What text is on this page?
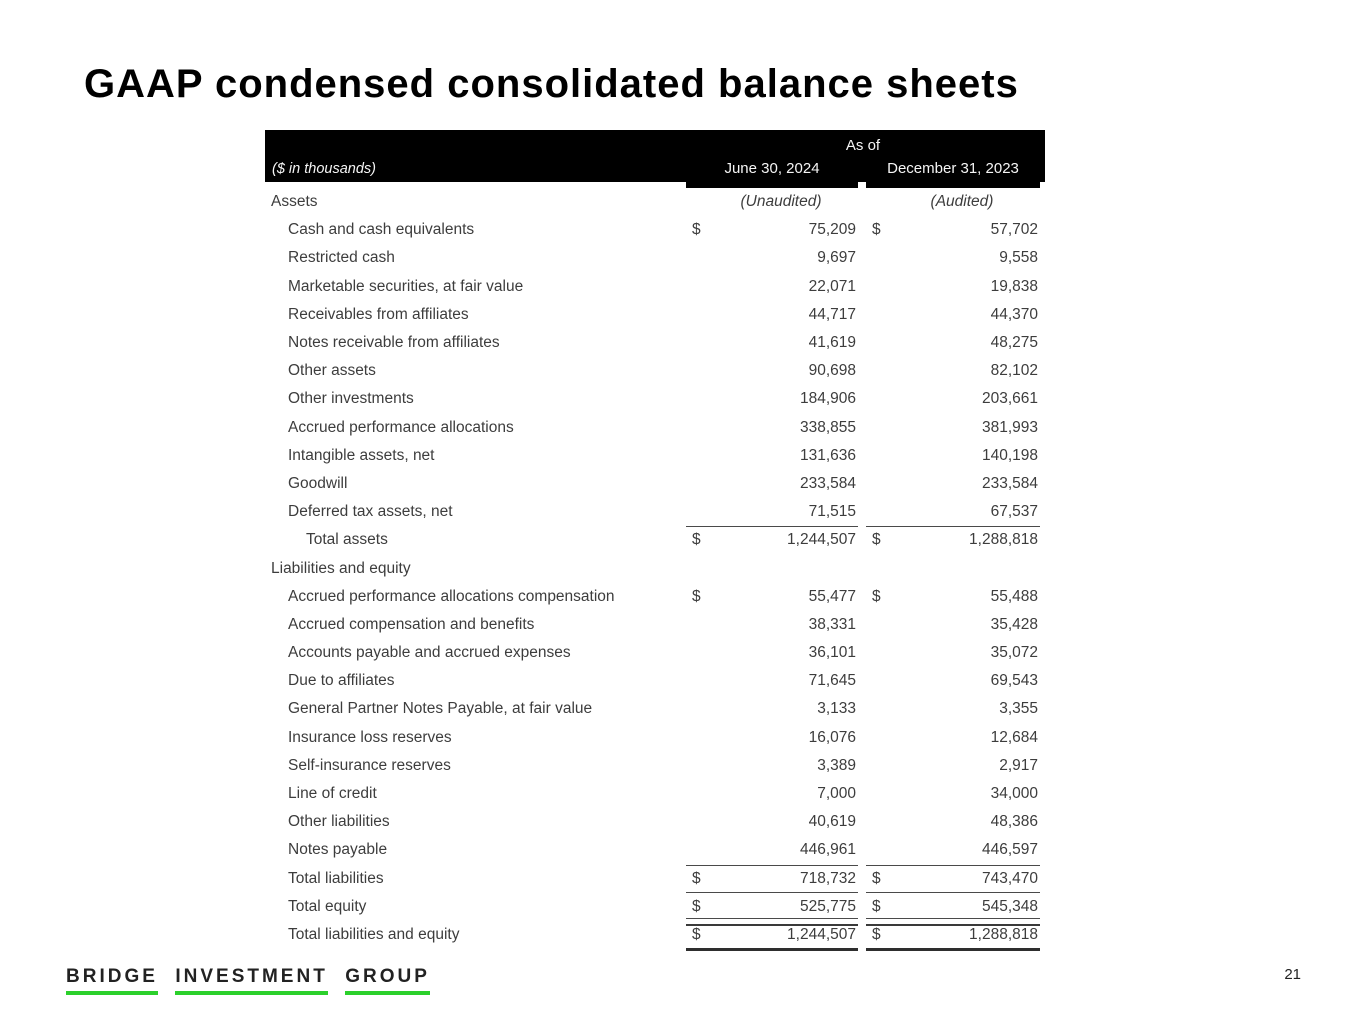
GAAP condensed consolidated balance sheets
As of
($ in thousands)	June 30, 2024	December 31, 2023
Assets	(Unaudited)	(Audited)
Cash and cash equivalents	$	75,209	$	57,702
Restricted cash	9,697	9,558
Marketable securities, at fair value	22,071	19,838
Receivables from affiliates	44,717	44,370
Notes receivable from affiliates	41,619	48,275
Other assets	90,698	82,102
Other investments	184,906	203,661
Accrued performance allocations	338,855	381,993
Intangible assets, net	131,636	140,198
Goodwill	233,584	233,584
Deferred tax assets, net	71,515	67,537
Total assets	$	1,244,507	$	1,288,818
Liabilities and equity
Accrued performance allocations compensation	$	55,477	$	55,488
Accrued compensation and benefits	38,331	35,428
Accounts payable and accrued expenses	36,101	35,072
Due to affiliates	71,645	69,543
General Partner Notes Payable, at fair value	3,133	3,355
Insurance loss reserves	16,076	12,684
Self-insurance reserves	3,389	2,917
Line of credit	7,000	34,000
Other liabilities	40,619	48,386
Notes payable	446,961	446,597
Total liabilities	$	718,732	$	743,470
Total equity	$	525,775	$	545,348
Total liabilities and equity	$	1,244,507	$	1,288,818
BRIDGE INVESTMENT GROUP	21
